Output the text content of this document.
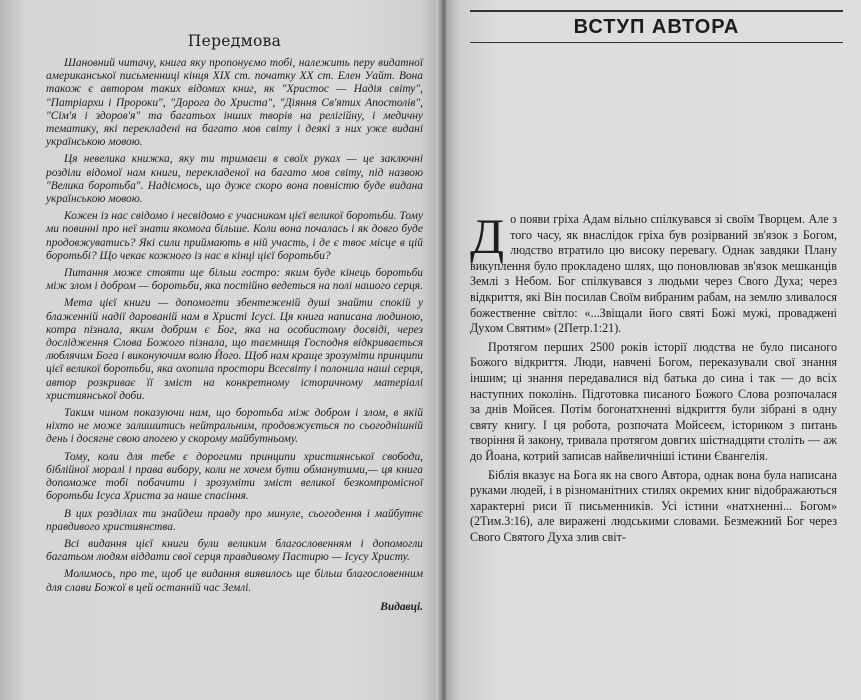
Передмова

Шановний читачу, книга яку пропонуємо тобі, належить перу видатної американської письменниці кінця XIX ст. початку XX ст. Елен Уайт. Вона також є автором таких відомих книг, як "Христос — Надія світу", "Патріархи і Пророки", "Дорога до Христа", "Діяння Св'ятих Апостолів", "Сім'я і здоров'я" та багатьох інших творів на релігійну, і медичну тематику, які перекладені на багато мов світу і деякі з них уже видані українською мовою.

Ця невелика книжка, яку ти тримаєш в своїх руках — це заключні розділи відомої нам книги, перекладеної на багато мов світу, під назвою "Велика боротьба". Надіємось, що дуже скоро вона повністю буде видана українською мовою.

Кожен із нас свідомо і несвідомо є учасником цієї великої боротьби. Тому ми повинні про неї знати якомога більше. Коли вона почалась і як довго буде продовжуватись? Які сили приймають в ній участь, і де є твоє місце в цій боротьбі? Що чекає кожного із нас в кінці цієї боротьби?

Питання може стояти ще більш гостро: яким буде кінець боротьби між злом і добром — боротьби, яка постійно ведеться на полі нашого серця.

Мета цієї книги — допомогти збентеженій душі знайти спокій у блаженній надії дарованій нам в Христі Ісусі. Ця книга написана людиною, котра пізнала, яким добрим є Бог, яка на особистому досвіді, через дослідження Слова Божого пізнала, що таємниця Господня відкривається люблячим Бога і виконуючим волю Його. Щоб нам краще зрозуміти принципи цієї великої боротьби, яка охопила простори Всесвіту і полонила наші серця, автор розкриває її зміст на конкретному історичному матеріалі християнської доби.

Таким чином показуючи нам, що боротьба між добром і злом, в якій ніхто не може залишитись нейтральним, продовжується по сьогоднішній день і досягне свою апогею у скорому майбутньому.

Тому, коли для тебе є дорогими принципи християнської свободи, біблійної моралі і права вибору, коли не хочем бути обманутими,— ця книга допоможе тобі побачити і зрозуміти зміст великої безкомпромісної боротьби Ісуса Христа за наше спасіння.

В цих розділах ти знайдеш правду про минуле, сьогодення і майбутнє правдивого християнства.

Всі видання цієї книги були великим благословенням і допомогли багатьом людям віддати свої серця правдивому Пастирю — Ісусу Христу.

Молимось, про те, щоб це видання виявилось ще більш благословенним для слави Божої в цей останній час Землі.

Видавці.

ВСТУП АВТОРА

До появи гріха Адам вільно спілкувався зі своїм Творцем. Але з того часу, як внаслідок гріха був розірваний зв'язок з Богом, людство втратило цю високу перевагу. Однак завдяки Плану викуплення було прокладено шлях, що поновлював зв'язок мешканців Землі з Небом. Бог спілкувався з людьми через Свого Духа; через відкриття, які Він посилав Своїм вибраним рабам, на землю зливалося божественне світло: «...Звіщали його святі Божі мужі, проваджені Духом Святим» (2Петр.1:21).

Протягом перших 2500 років історії людства не було писаного Божого відкриття. Люди, навчені Богом, переказували свої знання іншим; ці знання передавалися від батька до сина і так — до всіх наступних поколінь. Підготовка писаного Божого Слова розпочалася за днів Мойсея. Потім богонатхненні відкриття були зібрані в одну святу книгу. І ця робота, розпочата Мойсеєм, істориком з питань творіння й закону, тривала протягом довгих шістнадцяти століть — аж до Йоана, котрий записав найвеличніші істини Євангелія.

Біблія вказує на Бога як на свого Автора, однак вона була написана руками людей, і в різноманітних стилях окремих книг відображаються характерні риси її письменників. Усі істини «натхненні... Богом» (2Тим.3:16), але виражені людськими словами. Безмежний Бог через Свого Святого Духа злив світ-
